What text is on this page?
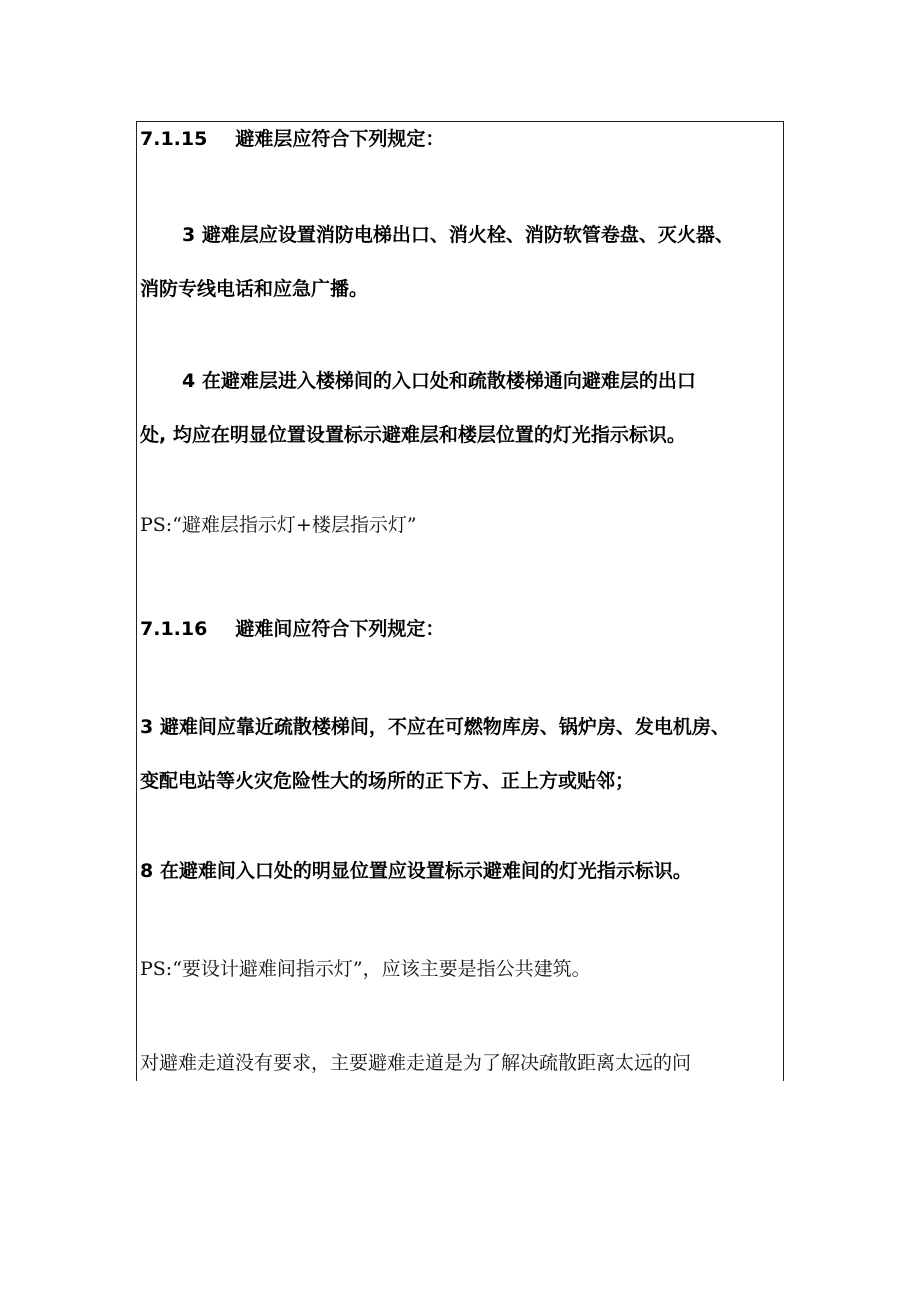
7.1.15 避难层应符合下列规定：

3 避难层应设置消防电梯出口、消火栓、消防软管卷盘、灭火器、
消防专线电话和应急广播。

4 在避难层进入楼梯间的入口处和疏散楼梯通向避难层的出口
处, 均应在明显位置设置标示避难层和楼层位置的灯光指示标识。

PS:“避难层指示灯+楼层指示灯”

7.1.16 避难间应符合下列规定：

3 避难间应靠近疏散楼梯间，不应在可燃物库房、锅炉房、发电机房、
变配电站等火灾危险性大的场所的正下方、正上方或贴邻；

8 在避难间入口处的明显位置应设置标示避难间的灯光指示标识。

PS:“要设计避难间指示灯”，应该主要是指公共建筑。

对避难走道没有要求，主要避难走道是为了解决疏散距离太远的问
